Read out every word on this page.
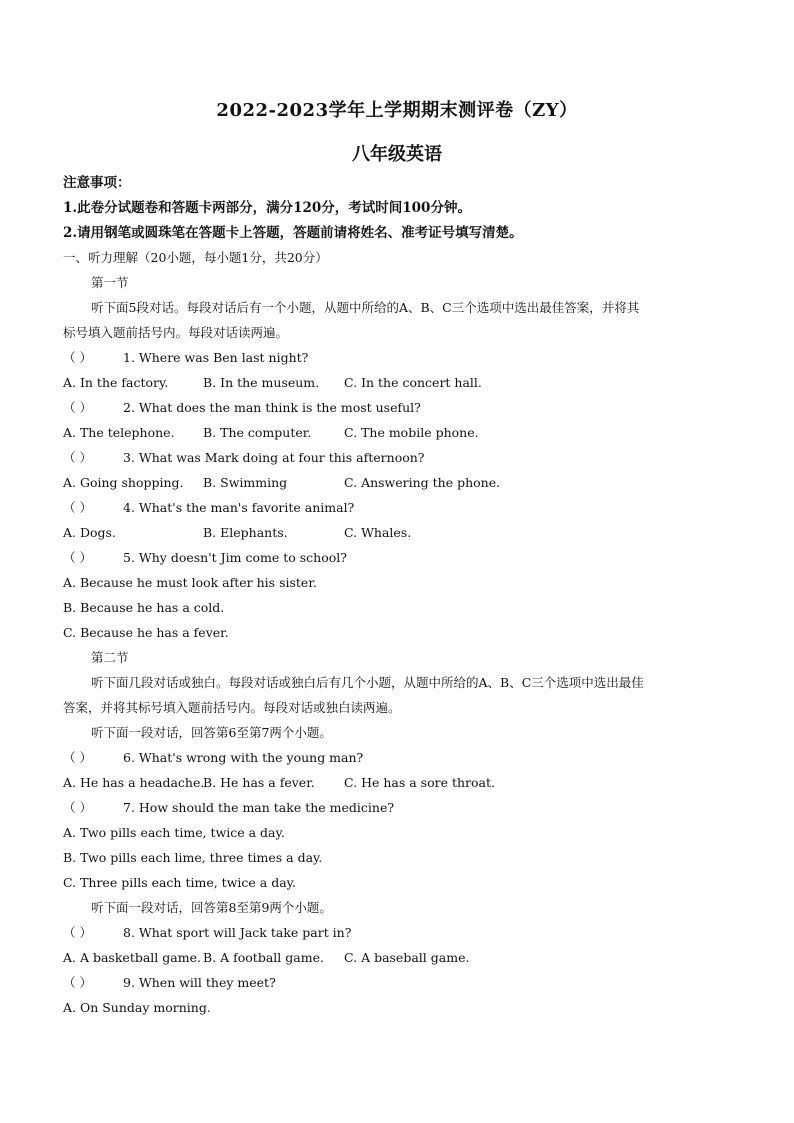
2022-2023学年上学期期末测评卷（ZY）
八年级英语
注意事项：
1.此卷分试题卷和答题卡两部分，满分120分，考试时间100分钟。
2.请用钢笔或圆珠笔在答题卡上答题，答题前请将姓名、准考证号填写清楚。
一、听力理解（20小题，每小题1分，共20分）
第一节
听下面5段对话。每段对话后有一个小题，从题中所给的A、B、C三个选项中选出最佳答案，并将其
标号填入题前括号内。每段对话读两遍。
（ ） 1. Where was Ben last night?
A. In the factory.	B. In the museum. C. In the concert hall.
（ ） 2. What does the man think is the most useful?
A. The telephone. B. The computer.	C. The mobile phone.
（ ） 3. What was Mark doing at four this afternoon?
A. Going shopping. B. Swimming	C. Answering the phone.
（ ） 4. What's the man's favorite animal?
A. Dogs.	B. Elephants.	C. Whales.
（ ） 5. Why doesn't Jim come to school?
A. Because he must look after his sister.
B. Because he has a cold.
C. Because he has a fever.
第二节
听下面几段对话或独白。每段对话或独白后有几个小题，从题中所给的A、B、C三个选项中选出最佳
答案，并将其标号填入题前括号内。每段对话或独白读两遍。
听下面一段对话，回答第6至第7两个小题。
（ ） 6. What's wrong with the young man?
A. He has a headache.
B. He has a fever. C. He has a sore throat.
（ ） 7. How should the man take the medicine?
A. Two pills each time, twice a day.
B. Two pills each lime, three times a day.
C. Three pills each time, twice a day.
听下面一段对话，回答第8至第9两个小题。
（ ） 8. What sport will Jack take part in?
A. A basketball game. B. A football game. C. A baseball game.
（ ） 9. When will they meet?
A. On Sunday morning.
